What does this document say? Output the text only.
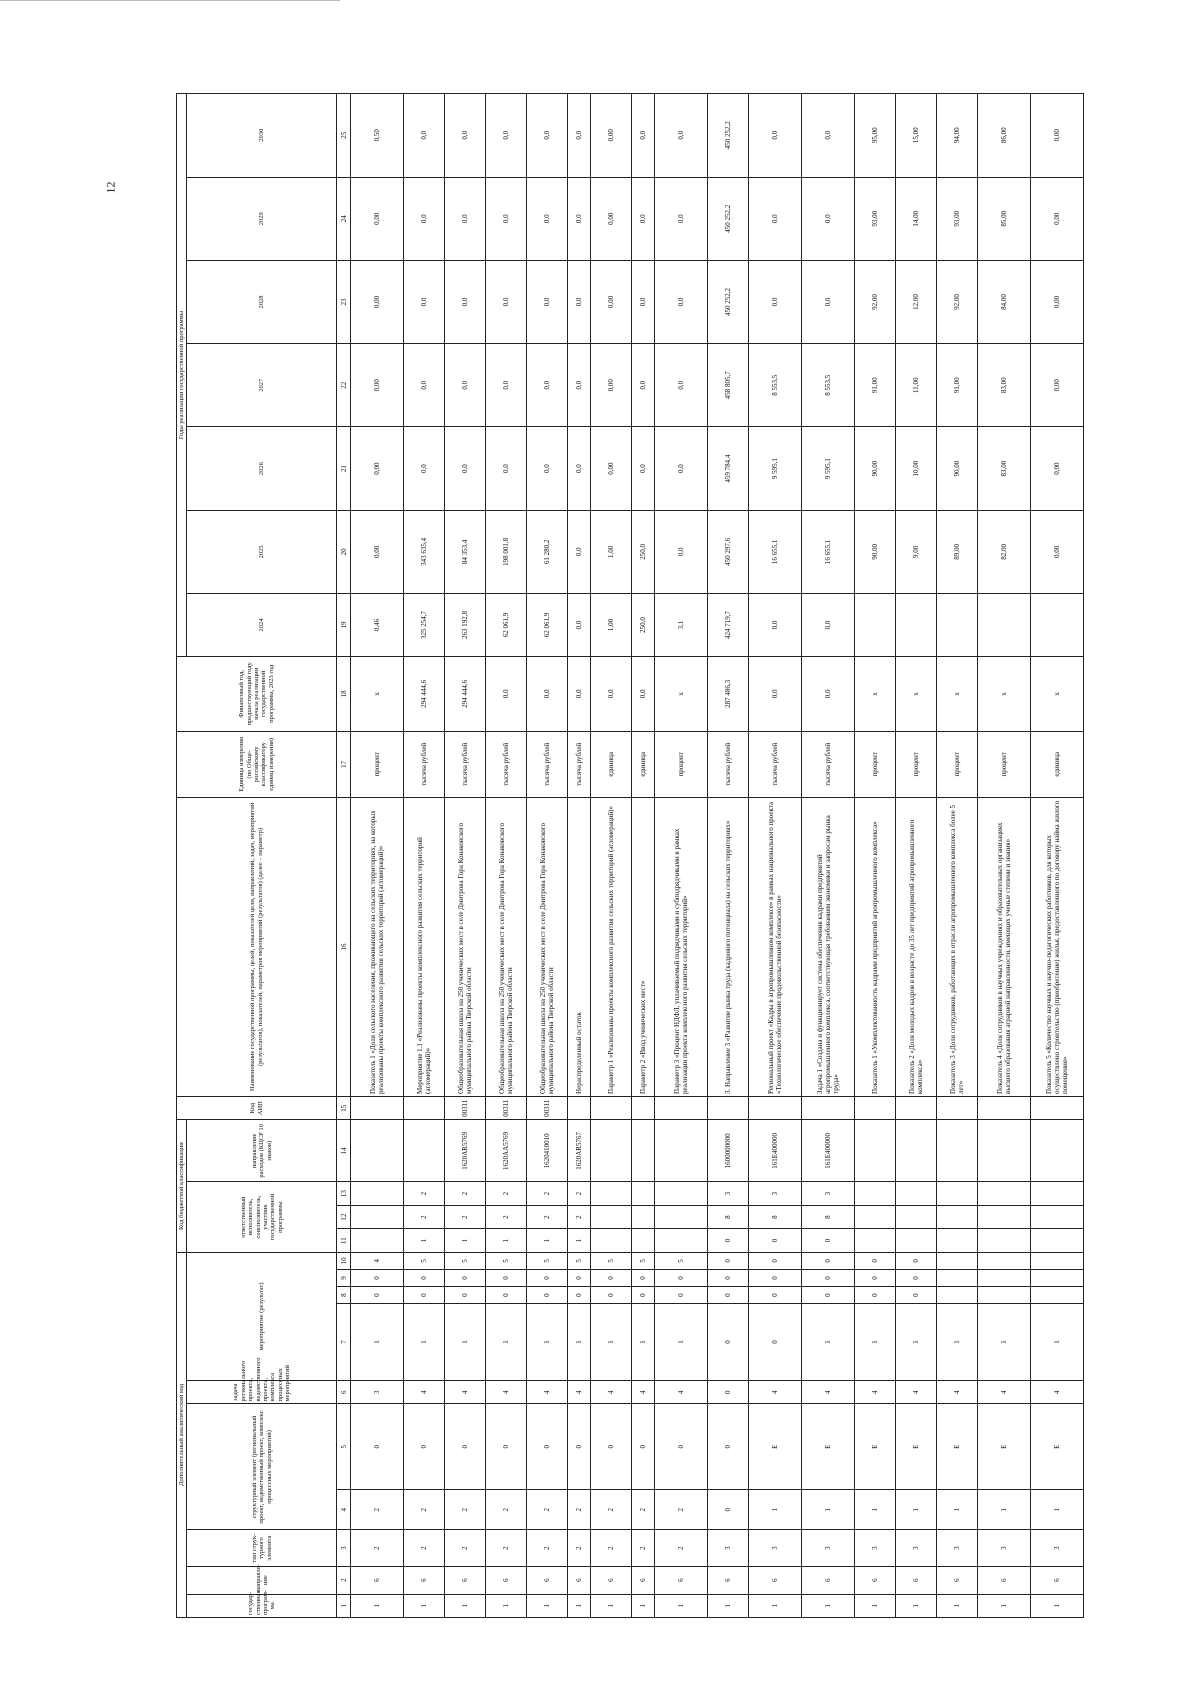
12
Дополнительный аналитический код										Код бюджетной классификации				Код АИП	Наименование государственной программы, целей, показателей цели, направлений, задач, мероприятий (результатов), показателей, параметров мероприятий (результатов) (далее – параметр)	Единица измерения (по Обще-российскому классификатору единиц измерения)	Финансовый год, предшествующий году начала реализации государственной программы, 2023 год	Годы реализации государственной программы						
государ-ственная програм-ма	направле-ние	тип струк-турного элемента	структурный элемент (региональный проект, ведомственный проект, комплекс процессных мероприятий)		задача регионального проекта, ведомственного проекта, комплекса процессных мероприятий	мероприятие (результат)				ответственный исполнитель, соисполнитель, участник государственной программы			направление расходов (КЦСР 10 знаков)					2024	2025	2026	2027	2028	2029	2030
1	2	3	4	5	6	7	8	9	10	11	12	13	14	15	16	17	18	19	20	21	22	23	24	25
1	6	2	2	0	3	1	0	0	4						Показатель 1 «Доля сельского населения, проживающего на сельских территориях, на которых реализованы проекты комплексного развития сельских территорий (агломераций)»	процент	x	0,46	0,00	0,00	0,00	0,00	0,00	0,50
1	6	2	2	0	4	1	0	0	5	1	2	2			Мероприятие 1.1 «Реализованы проекты комплексного развития сельских территорий (агломераций)»	тысяча рублей	294 444,6	325 254,7	343 635,4	0,0	0,0	0,0	0,0	0,0
1	6	2	2	0	4	1	0	0	5	1	2	2	1620AR5769	00311	Общеобразовательная школа на 250 ученических мест в селе Дмитрова Гора Конаковского муниципального района Тверской области	тысяча рублей	294 444,6	263 192,8	84 353,4	0,0	0,0	0,0	0,0	0,0
1	6	2	2	0	4	1	0	0	5	1	2	2	1620AA5769	00311	Общеобразовательная школа на 250 ученических мест в селе Дмитрова Гора Конаковского муниципального района Тверской области	тысяча рублей	0,0	62 061,9	198 001,8	0,0	0,0	0,0	0,0	0,0
1	6	2	2	0	4	1	0	0	5	1	2	2	1620410010	00311	Общеобразовательная школа на 250 ученических мест в селе Дмитрова Гора Конаковского муниципального района Тверской области	тысяча рублей	0,0	62 061,9	61 280,2	0,0	0,0	0,0	0,0	0,0
1	6	2	2	0	4	1	0	0	5	1	2	2	1620AR5767		Нераспределенный остаток	тысяча рублей	0,0	0,0	0,0	0,0	0,0	0,0	0,0	0,0
1	6	2	2	0	4	1	0	0	5						Параметр 1 «Реализованы проекты комплексного развития сельских территорий (агломераций)»	единица	0,0	1,00	1,00	0,00	0,00	0,00	0,00	0,00
1	6	2	2	0	4	1	0	0	5						Параметр 2 «Ввод ученических мест»	единица	0,0	250,0	250,0	0,0	0,0	0,0	0,0	0,0
1	6	2	2	0	4	1	0	0	5						Параметр 3 «Процент НДФЛ, уплачиваемый подрядчиками и субподрядчиками в рамках реализации проекта комплексного развития сельских территорий»	процент	x	3,1	0,0	0,0	0,0	0,0	0,0	0,0
1	6	3	0	0	0	0	0	0	0	0	8	3	1600000000		3. Направление 3 «Развитие рынка труда (кадрового потенциала) на сельских территориях»	тысяча рублей	287 486,3	424 719,7	450 297,6	459 784,4	458 805,7	450 252,2	450 252,2	450 252,2
1	6	3	1	Е	4	0	0	0	0	0	8	3	161E400000		Региональный проект «Кадры в агропромышленном комплексе» в рамках национального проекта «Технологическое обеспечение продовольственной безопасности»	тысяча рублей	0,0	0,0	16 655,1	9 595,1	8 553,5	0,0	0,0	0,0
1	6	3	1	Е	4	1	0	0	0	0	8	3	161E400000		Задача 1 «Создана и функционирует система обеспечения кадрами предприятий агропромышленного комплекса, соответствующая требованиям экономики и запросам рынка труда»	тысяча рублей	0,0	0,0	16 655,1	9 595,1	8 553,5	0,0	0,0	0,0
1	6	3	1	Е	4	1	0	0	0						Показатель 1 «Укомплектованность кадрами предприятий агропромышленного комплекса»	процент	x		90,00	90,00	91,00	92,00	93,00	95,00
1	6	3	1	Е	4	1	0	0	0						Показатель 2 «Доля молодых кадров в возрасте до 35 лет предприятий агропромышленного комплекса»	процент	x		9,00	10,00	11,00	12,00	14,00	15,00
1	6	3	1	Е	4	1									Показатель 3 «Доля сотрудников, работающих в отрасли агропромышленного комплекса более 5 лет»	процент	x		89,00	90,00	91,00	92,00	93,00	94,00
1	6	3	1	Е	4	1									Показатель 4 «Доля сотрудников в научных учреждениях и образовательных организациях высшего образования аграрной направленности, имеющих ученые степени и звания»	процент	x		82,00	83,00	83,00	84,00	85,00	86,00
1	6	3	1	Е	4	1									Показатель 5 «Количество научных и научно-педагогических работников, для которых осуществлено строительство (приобретение) жилья, предоставленного по договору найма жилого помещения»	единица	x		0,00	0,00	0,00	0,00	0,00	0,00
